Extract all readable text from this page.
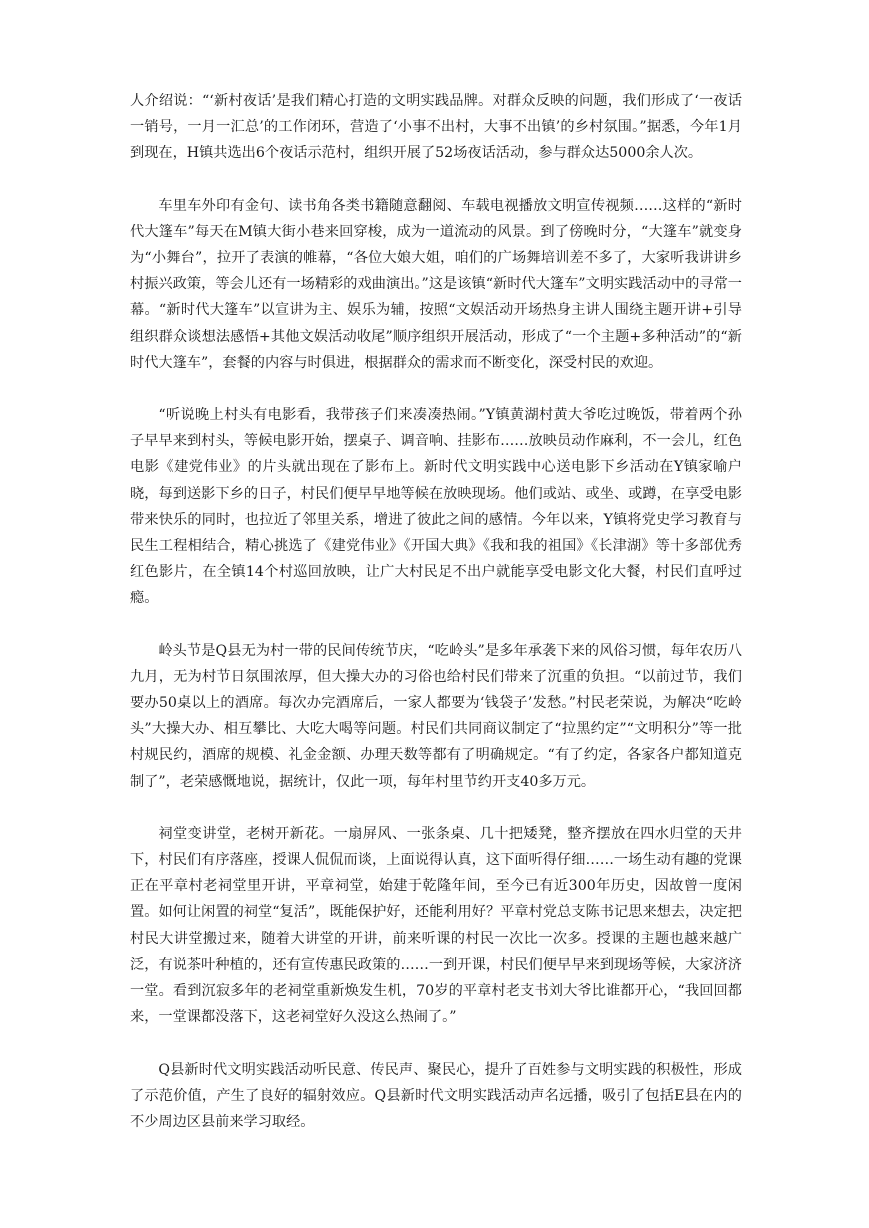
人介绍说：“‘新村夜话’是我们精心打造的文明实践品牌。对群众反映的问题，我们形成了‘一夜话一销号，一月一汇总’的工作闭环，营造了‘小事不出村，大事不出镇’的乡村氛围。”据悉，今年1月到现在，H镇共选出6个夜话示范村，组织开展了52场夜话活动，参与群众达5000余人次。

车里车外印有金句、读书角各类书籍随意翻阅、车载电视播放文明宣传视频……这样的“新时代大篷车”每天在M镇大街小巷来回穿梭，成为一道流动的风景。到了傍晚时分，“大篷车”就变身为“小舞台”，拉开了表演的帷幕，“各位大娘大姐，咱们的广场舞培训差不多了，大家听我讲讲乡村振兴政策，等会儿还有一场精彩的戏曲演出。”这是该镇“新时代大篷车”文明实践活动中的寻常一幕。“新时代大篷车”以宣讲为主、娱乐为辅，按照“文娱活动开场热身主讲人围绕主题开讲+引导组织群众谈想法感悟+其他文娱活动收尾”顺序组织开展活动，形成了“一个主题+多种活动”的“新时代大篷车”，套餐的内容与时俱进，根据群众的需求而不断变化，深受村民的欢迎。

“听说晚上村头有电影看，我带孩子们来凑凑热闹。”Y镇黄湖村黄大爷吃过晚饭，带着两个孙子早早来到村头，等候电影开始，摆桌子、调音响、挂影布……放映员动作麻利，不一会儿，红色电影《建党伟业》的片头就出现在了影布上。新时代文明实践中心送电影下乡活动在Y镇家喻户晓，每到送影下乡的日子，村民们便早早地等候在放映现场。他们或站、或坐、或蹲，在享受电影带来快乐的同时，也拉近了邻里关系，增进了彼此之间的感情。今年以来，Y镇将党史学习教育与民生工程相结合，精心挑选了《建党伟业》《开国大典》《我和我的祖国》《长津湖》等十多部优秀红色影片，在全镇14个村巡回放映，让广大村民足不出户就能享受电影文化大餐，村民们直呼过瘾。

岭头节是Q县无为村一带的民间传统节庆，“吃岭头”是多年承袭下来的风俗习惯，每年农历八九月，无为村节日氛围浓厚，但大操大办的习俗也给村民们带来了沉重的负担。“以前过节，我们要办50桌以上的酒席。每次办完酒席后，一家人都要为‘钱袋子’发愁。”村民老荣说，为解决“吃岭头”大操大办、相互攀比、大吃大喝等问题。村民们共同商议制定了“拉黑约定”“文明积分”等一批村规民约，酒席的规模、礼金金额、办理天数等都有了明确规定。“有了约定，各家各户都知道克制了”，老荣感慨地说，据统计，仅此一项，每年村里节约开支40多万元。

祠堂变讲堂，老树开新花。一扇屏风、一张条桌、几十把矮凳，整齐摆放在四水归堂的天井下，村民们有序落座，授课人侃侃而谈，上面说得认真，这下面听得仔细……一场生动有趣的党课正在平章村老祠堂里开讲，平章祠堂，始建于乾隆年间，至今已有近300年历史，因故曾一度闲置。如何让闲置的祠堂“复活”，既能保护好，还能利用好？平章村党总支陈书记思来想去，决定把村民大讲堂搬过来，随着大讲堂的开讲，前来听课的村民一次比一次多。授课的主题也越来越广泛，有说茶叶种植的，还有宣传惠民政策的……一到开课，村民们便早早来到现场等候，大家济济一堂。看到沉寂多年的老祠堂重新焕发生机，70岁的平章村老支书刘大爷比谁都开心，“我回回都来，一堂课都没落下，这老祠堂好久没这么热闹了。”

Q县新时代文明实践活动听民意、传民声、聚民心，提升了百姓参与文明实践的积极性，形成了示范价值，产生了良好的辐射效应。Q县新时代文明实践活动声名远播，吸引了包括E县在内的不少周边区县前来学习取经。
